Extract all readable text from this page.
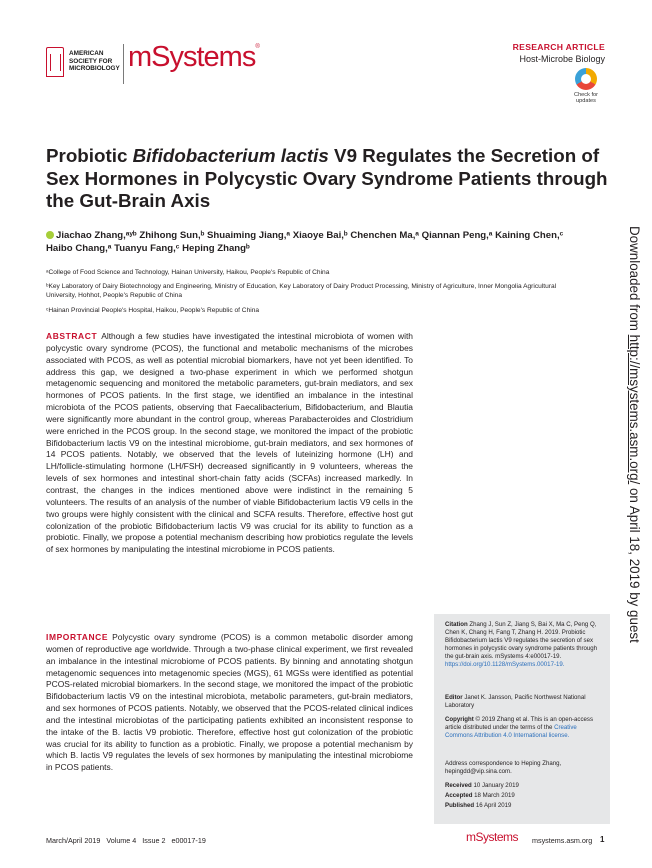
AMERICAN
SOCIETY FOR
MICROBIOLOGY mSystems®	RESEARCH ARTICLE
Host-Microbe Biology
Check for
updates
Probiotic Bifidobacterium lactis V9 Regulates the Secretion of Sex Hormones in Polycystic Ovary Syndrome Patients through the Gut-Brain Axis
Jiachao Zhang,ᵃʸᵇ Zhihong Sun,ᵇ Shuaiming Jiang,ᵃ Xiaoye Bai,ᵇ Chenchen Ma,ᵃ Qiannan Peng,ᵃ Kaining Chen,ᶜ
Haibo Chang,ᵃ Tuanyu Fang,ᶜ Heping Zhangᵇ
ᵃCollege of Food Science and Technology, Hainan University, Haikou, People's Republic of China
ᵇKey Laboratory of Dairy Biotechnology and Engineering, Ministry of Education, Key Laboratory of Dairy Product Processing, Ministry of Agriculture, Inner Mongolia Agricultural University, Hohhot, People's Republic of China
ᶜHainan Provincial People's Hospital, Haikou, People's Republic of China
ABSTRACT Although a few studies have investigated the intestinal microbiota of women with polycystic ovary syndrome (PCOS), the functional and metabolic mechanisms of the microbes associated with PCOS, as well as potential microbial biomarkers, have not yet been identified. To address this gap, we designed a two-phase experiment in which we performed shotgun metagenomic sequencing and monitored the metabolic parameters, gut-brain mediators, and sex hormones of PCOS patients. In the first stage, we identified an imbalance in the intestinal microbiota of the PCOS patients, observing that Faecalibacterium, Bifidobacterium, and Blautia were significantly more abundant in the control group, whereas Parabacteroides and Clostridium were enriched in the PCOS group. In the second stage, we monitored the impact of the probiotic Bifidobacterium lactis V9 on the intestinal microbiome, gut-brain mediators, and sex hormones of 14 PCOS patients. Notably, we observed that the levels of luteinizing hormone (LH) and LH/follicle-stimulating hormone (LH/FSH) decreased significantly in 9 volunteers, whereas the levels of sex hormones and intestinal short-chain fatty acids (SCFAs) increased markedly. In contrast, the changes in the indices mentioned above were indistinct in the remaining 5 volunteers. The results of an analysis of the number of viable Bifidobacterium lactis V9 cells in the two groups were highly consistent with the clinical and SCFA results. Therefore, effective host gut colonization of the probiotic Bifidobacterium lactis V9 was crucial for its ability to function as a probiotic. Finally, we propose a potential mechanism describing how probiotics regulate the levels of sex hormones by manipulating the intestinal microbiome in PCOS patients.
IMPORTANCE Polycystic ovary syndrome (PCOS) is a common metabolic disorder among women of reproductive age worldwide. Through a two-phase clinical experiment, we first revealed an imbalance in the intestinal microbiome of PCOS patients. By binning and annotating shotgun metagenomic sequences into metagenomic species (MGS), 61 MGSs were identified as potential PCOS-related microbial biomarkers. In the second stage, we monitored the impact of the probiotic Bifidobacterium lactis V9 on the intestinal microbiota, metabolic parameters, gut-brain mediators, and sex hormones of PCOS patients. Notably, we observed that the PCOS-related clinical indices and the intestinal microbiotas of the participating patients exhibited an inconsistent response to the intake of the B. lactis V9 probiotic. Therefore, effective host gut colonization of the probiotic was crucial for its ability to function as a probiotic. Finally, we propose a potential mechanism by which B. lactis V9 regulates the levels of sex hormones by manipulating the intestinal microbiome in PCOS patients.
Citation Zhang J, Sun Z, Jiang S, Bai X, Ma C, Peng Q, Chen K, Chang H, Fang T, Zhang H. 2019. Probiotic Bifidobacterium lactis V9 regulates the secretion of sex hormones in polycystic ovary syndrome patients through the gut-brain axis. mSystems 4:e00017-19. https://doi.org/10.1128/mSystems.00017-19.
Editor Janet K. Jansson, Pacific Northwest National Laboratory
Copyright © 2019 Zhang et al. This is an open-access article distributed under the terms of the Creative Commons Attribution 4.0 International license.
Address correspondence to Heping Zhang, hepingdd@vip.sina.com.
Received 10 January 2019
Accepted 18 March 2019
Published 16 April 2019
March/April 2019   Volume 4   Issue 2   e00017-19	mSystems msystems.asm.org 1
Downloaded from http://msystems.asm.org/ on April 18, 2019 by guest
